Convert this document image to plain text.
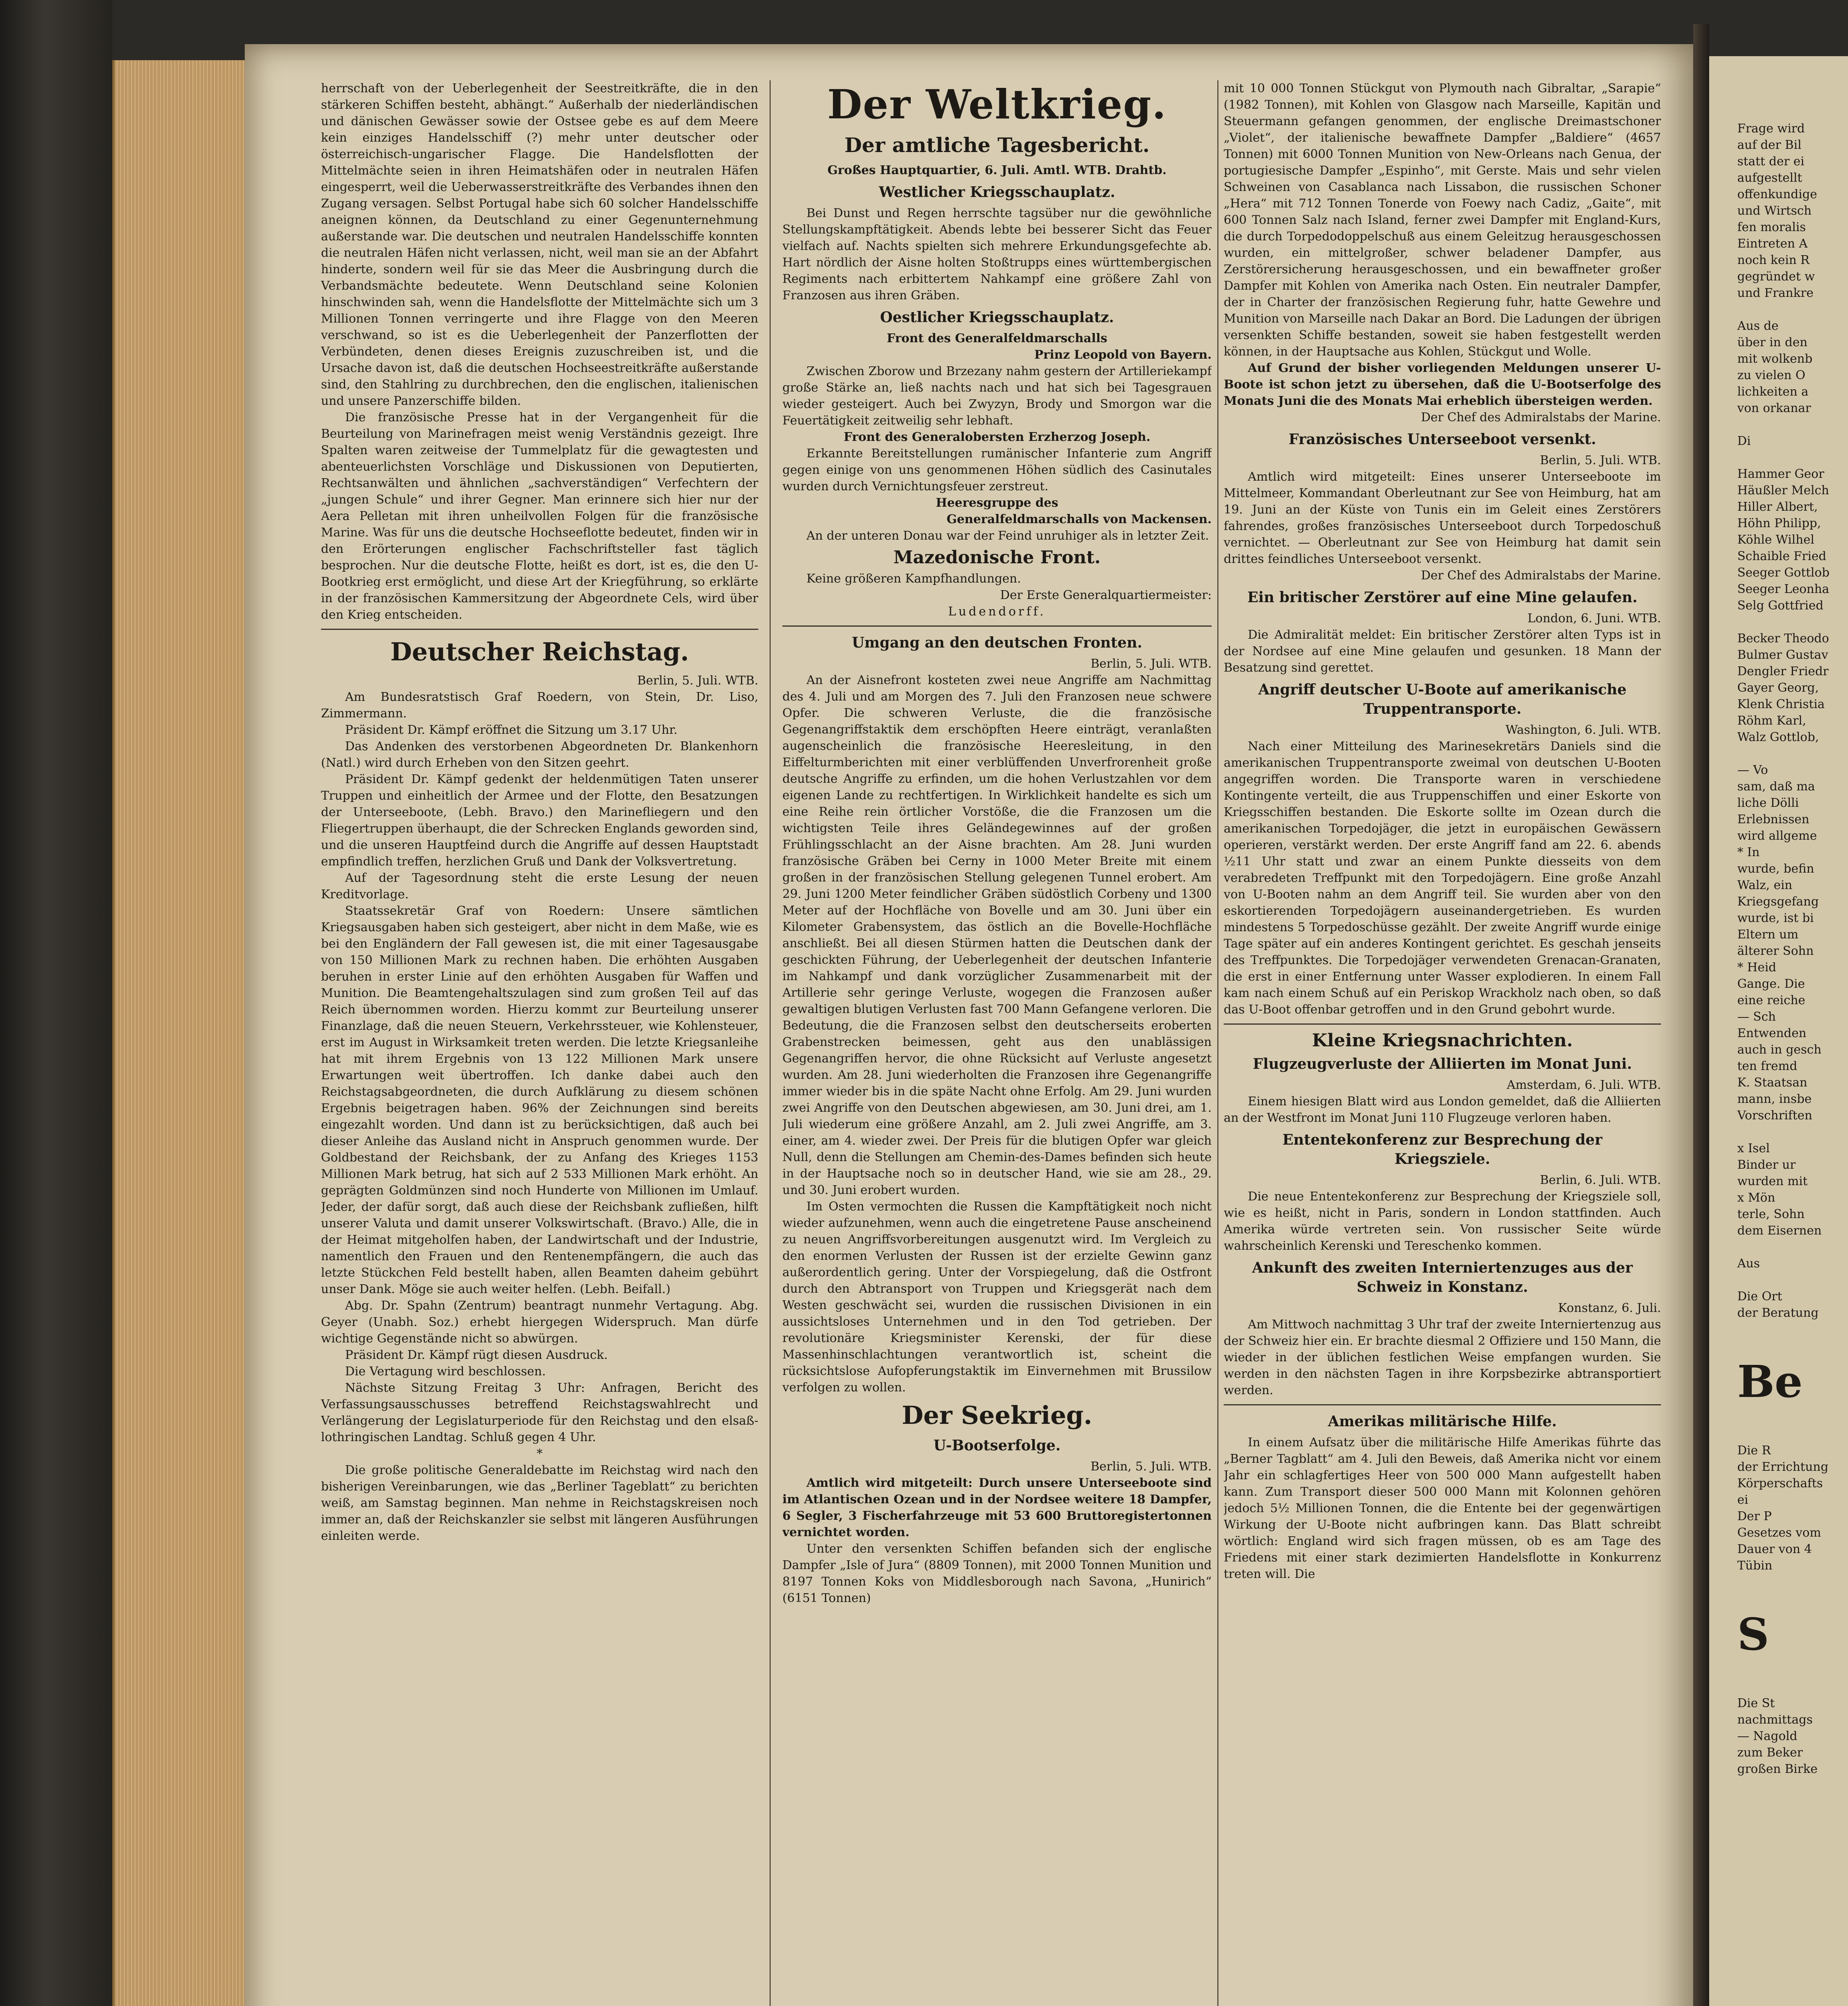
Frage wird
auf der Bil
statt der ei
aufgestellt
offenkundige
und Wirtsch
fen moralis
Eintreten A
noch kein R
gegründet w
und Frankre
Aus de
über in den
mit wolkenb
zu vielen O
lichkeiten a
von orkanar
Di
Hammer Geor
Häußler Melch
Hiller Albert,
Höhn Philipp,
Köhle Wilhel
Schaible Fried
Seeger Gottlob
Seeger Leonha
Selg Gottfried
Becker Theodo
Bulmer Gustav
Dengler Friedr
Gayer Georg,
Klenk Christia
Röhm Karl,
Walz Gottlob,
— Vo
sam, daß ma
liche Dölli
Erlebnissen
wird allgeme
* In
wurde, befin
Walz, ein
Kriegsgefang
wurde, ist bi
Eltern um
älterer Sohn
* Heid
Gange. Die
eine reiche
— Sch
Entwenden
auch in gesch
ten fremd
K. Staatsan
mann, insbe
Vorschriften
x Isel
Binder ur
wurden mit
x Mön
terle, Sohn
dem Eisernen
Aus
Die Ort
der Beratung
Be
Die R
der Errichtung
Körperschafts
ei
Der P
Gesetzes vom
Dauer von 4
Tübin
S
Die St
nachmittags
— Nagold
zum Beker
großen Birke

herrschaft von der Ueberlegenheit der Seestreitkräfte, die in den stärkeren Schiffen besteht, abhängt.“ Außerhalb der niederländischen und dänischen Gewässer sowie der Ostsee gebe es auf dem Meere kein einziges Handelsschiff (?) mehr unter deutscher oder österreichisch-ungarischer Flagge. Die Handelsflotten der Mittelmächte seien in ihren Heimatshäfen oder in neutralen Häfen eingesperrt, weil die Ueberwasserstreitkräfte des Verbandes ihnen den Zugang versagen. Selbst Portugal habe sich 60 solcher Handelsschiffe aneignen können, da Deutschland zu einer Gegenunternehmung außerstande war. Die deutschen und neutralen Handelsschiffe konnten die neutralen Häfen nicht verlassen, nicht, weil man sie an der Abfahrt hinderte, sondern weil für sie das Meer die Ausbringung durch die Verbandsmächte bedeutete. Wenn Deutschland seine Kolonien hinschwinden sah, wenn die Handelsflotte der Mittelmächte sich um 3 Millionen Tonnen verringerte und ihre Flagge von den Meeren verschwand, so ist es die Ueberlegenheit der Panzerflotten der Verbündeten, denen dieses Ereignis zuzuschreiben ist, und die Ursache davon ist, daß die deutschen Hochseestreitkräfte außerstande sind, den Stahlring zu durchbrechen, den die englischen, italienischen und unsere Panzerschiffe bilden.

Die französische Presse hat in der Vergangenheit für die Beurteilung von Marinefragen meist wenig Verständnis gezeigt. Ihre Spalten waren zeitweise der Tummelplatz für die gewagtesten und abenteuerlichsten Vorschläge und Diskussionen von Deputierten, Rechtsanwälten und ähnlichen „sachverständigen“ Verfechtern der „jungen Schule“ und ihrer Gegner. Man erinnere sich hier nur der Aera Pelletan mit ihren unheilvollen Folgen für die französische Marine. Was für uns die deutsche Hochseeflotte bedeutet, finden wir in den Erörterungen englischer Fachschriftsteller fast täglich besprochen. Nur die deutsche Flotte, heißt es dort, ist es, die den U-Bootkrieg erst ermöglicht, und diese Art der Kriegführung, so erklärte in der französischen Kammersitzung der Abgeordnete Cels, wird über den Krieg entscheiden.

Deutscher Reichstag.

Berlin, 5. Juli. WTB.

Am Bundesratstisch Graf Roedern, von Stein, Dr. Liso, Zimmermann.

Präsident Dr. Kämpf eröffnet die Sitzung um 3.17 Uhr.

Das Andenken des verstorbenen Abgeordneten Dr. Blankenhorn (Natl.) wird durch Erheben von den Sitzen geehrt.

Präsident Dr. Kämpf gedenkt der heldenmütigen Taten unserer Truppen und einheitlich der Armee und der Flotte, den Besatzungen der Unterseeboote, (Lebh. Bravo.) den Marinefliegern und den Fliegertruppen überhaupt, die der Schrecken Englands geworden sind, und die unseren Hauptfeind durch die Angriffe auf dessen Hauptstadt empfindlich treffen, herzlichen Gruß und Dank der Volksvertretung.

Auf der Tagesordnung steht die erste Lesung der neuen Kreditvorlage.

Staatssekretär Graf von Roedern: Unsere sämtlichen Kriegsausgaben haben sich gesteigert, aber nicht in dem Maße, wie es bei den Engländern der Fall gewesen ist, die mit einer Tagesausgabe von 150 Millionen Mark zu rechnen haben. Die erhöhten Ausgaben beruhen in erster Linie auf den erhöhten Ausgaben für Waffen und Munition. Die Beamtengehaltszulagen sind zum großen Teil auf das Reich übernommen worden. Hierzu kommt zur Beurteilung unserer Finanzlage, daß die neuen Steuern, Verkehrssteuer, wie Kohlensteuer, erst im August in Wirksamkeit treten werden. Die letzte Kriegsanleihe hat mit ihrem Ergebnis von 13 122 Millionen Mark unsere Erwartungen weit übertroffen. Ich danke dabei auch den Reichstagsabgeordneten, die durch Aufklärung zu diesem schönen Ergebnis beigetragen haben. 96% der Zeichnungen sind bereits eingezahlt worden. Und dann ist zu berücksichtigen, daß auch bei dieser Anleihe das Ausland nicht in Anspruch genommen wurde. Der Goldbestand der Reichsbank, der zu Anfang des Krieges 1153 Millionen Mark betrug, hat sich auf 2 533 Millionen Mark erhöht. An geprägten Goldmünzen sind noch Hunderte von Millionen im Umlauf. Jeder, der dafür sorgt, daß auch diese der Reichsbank zufließen, hilft unserer Valuta und damit unserer Volkswirtschaft. (Bravo.) Alle, die in der Heimat mitgeholfen haben, der Landwirtschaft und der Industrie, namentlich den Frauen und den Rentenempfängern, die auch das letzte Stückchen Feld bestellt haben, allen Beamten daheim gebührt unser Dank. Möge sie auch weiter helfen. (Lebh. Beifall.)

Abg. Dr. Spahn (Zentrum) beantragt nunmehr Vertagung. Abg. Geyer (Unabh. Soz.) erhebt hiergegen Widerspruch. Man dürfe wichtige Gegenstände nicht so abwürgen.

Präsident Dr. Kämpf rügt diesen Ausdruck.

Die Vertagung wird beschlossen.

Nächste Sitzung Freitag 3 Uhr: Anfragen, Bericht des Verfassungsausschusses betreffend Reichstagswahlrecht und Verlängerung der Legislaturperiode für den Reichstag und den elsaß-lothringischen Landtag. Schluß gegen 4 Uhr.

*

Die große politische Generaldebatte im Reichstag wird nach den bisherigen Vereinbarungen, wie das „Berliner Tageblatt“ zu berichten weiß, am Samstag beginnen. Man nehme in Reichstagskreisen noch immer an, daß der Reichskanzler sie selbst mit längeren Ausführungen einleiten werde.

Der Weltkrieg.
Der amtliche Tagesbericht.

Großes Hauptquartier, 6. Juli. Amtl. WTB. Drahtb.

Westlicher Kriegsschauplatz.

Bei Dunst und Regen herrschte tagsüber nur die gewöhnliche Stellungskampftätigkeit. Abends lebte bei besserer Sicht das Feuer vielfach auf. Nachts spielten sich mehrere Erkundungsgefechte ab. Hart nördlich der Aisne holten Stoßtrupps eines württembergischen Regiments nach erbittertem Nahkampf eine größere Zahl von Franzosen aus ihren Gräben.

Oestlicher Kriegsschauplatz.

Front des Generalfeldmarschalls

Prinz Leopold von Bayern.

Zwischen Zborow und Brzezany nahm gestern der Artilleriekampf große Stärke an, ließ nachts nach und hat sich bei Tagesgrauen wieder gesteigert. Auch bei Zwyzyn, Brody und Smorgon war die Feuertätigkeit zeitweilig sehr lebhaft.

Front des Generalobersten Erzherzog Joseph.

Erkannte Bereitstellungen rumänischer Infanterie zum Angriff gegen einige von uns genommenen Höhen südlich des Casinutales wurden durch Vernichtungsfeuer zerstreut.

Heeresgruppe des

Generalfeldmarschalls von Mackensen.

An der unteren Donau war der Feind unruhiger als in letzter Zeit.

Mazedonische Front.

Keine größeren Kampfhandlungen.

Der Erste Generalquartiermeister:

Ludendorff.

Umgang an den deutschen Fronten.

Berlin, 5. Juli. WTB.

An der Aisnefront kosteten zwei neue Angriffe am Nachmittag des 4. Juli und am Morgen des 7. Juli den Franzosen neue schwere Opfer. Die schweren Verluste, die die französische Gegenangriffstaktik dem erschöpften Heere einträgt, veranlaßten augenscheinlich die französische Heeresleitung, in den Eiffelturmberichten mit einer verblüffenden Unverfrorenheit große deutsche Angriffe zu erfinden, um die hohen Verlustzahlen vor dem eigenen Lande zu rechtfertigen. In Wirklichkeit handelte es sich um eine Reihe rein örtlicher Vorstöße, die die Franzosen um die wichtigsten Teile ihres Geländegewinnes auf der großen Frühlingsschlacht an der Aisne brachten. Am 28. Juni wurden französische Gräben bei Cerny in 1000 Meter Breite mit einem großen in der französischen Stellung gelegenen Tunnel erobert. Am 29. Juni 1200 Meter feindlicher Gräben südöstlich Corbeny und 1300 Meter auf der Hochfläche von Bovelle und am 30. Juni über ein Kilometer Grabensystem, das östlich an die Bovelle-Hochfläche anschließt. Bei all diesen Stürmen hatten die Deutschen dank der geschickten Führung, der Ueberlegenheit der deutschen Infanterie im Nahkampf und dank vorzüglicher Zusammenarbeit mit der Artillerie sehr geringe Verluste, wogegen die Franzosen außer gewaltigen blutigen Verlusten fast 700 Mann Gefangene verloren. Die Bedeutung, die die Franzosen selbst den deutscherseits eroberten Grabenstrecken beimessen, geht aus den unablässigen Gegenangriffen hervor, die ohne Rücksicht auf Verluste angesetzt wurden. Am 28. Juni wiederholten die Franzosen ihre Gegenangriffe immer wieder bis in die späte Nacht ohne Erfolg. Am 29. Juni wurden zwei Angriffe von den Deutschen abgewiesen, am 30. Juni drei, am 1. Juli wiederum eine größere Anzahl, am 2. Juli zwei Angriffe, am 3. einer, am 4. wieder zwei. Der Preis für die blutigen Opfer war gleich Null, denn die Stellungen am Chemin-des-Dames befinden sich heute in der Hauptsache noch so in deutscher Hand, wie sie am 28., 29. und 30. Juni erobert wurden.

Im Osten vermochten die Russen die Kampftätigkeit noch nicht wieder aufzunehmen, wenn auch die eingetretene Pause anscheinend zu neuen Angriffsvorbereitungen ausgenutzt wird. Im Vergleich zu den enormen Verlusten der Russen ist der erzielte Gewinn ganz außerordentlich gering. Unter der Vorspiegelung, daß die Ostfront durch den Abtransport von Truppen und Kriegsgerät nach dem Westen geschwächt sei, wurden die russischen Divisionen in ein aussichtsloses Unternehmen und in den Tod getrieben. Der revolutionäre Kriegsminister Kerenski, der für diese Massenhinschlachtungen verantwortlich ist, scheint die rücksichtslose Aufopferungstaktik im Einvernehmen mit Brussilow verfolgen zu wollen.

Der Seekrieg.
U-Bootserfolge.

Berlin, 5. Juli. WTB.

Amtlich wird mitgeteilt: Durch unsere Unterseeboote sind im Atlantischen Ozean und in der Nordsee weitere 18 Dampfer, 6 Segler, 3 Fischerfahrzeuge mit 53 600 Bruttoregistertonnen vernichtet worden.

Unter den versenkten Schiffen befanden sich der englische Dampfer „Isle of Jura“ (8809 Tonnen), mit 2000 Tonnen Munition und 8197 Tonnen Koks von Middlesborough nach Savona, „Hunirich“ (6151 Tonnen)

mit 10 000 Tonnen Stückgut von Plymouth nach Gibraltar, „Sarapie“ (1982 Tonnen), mit Kohlen von Glasgow nach Marseille, Kapitän und Steuermann gefangen genommen, der englische Dreimastschoner „Violet“, der italienische bewaffnete Dampfer „Baldiere“ (4657 Tonnen) mit 6000 Tonnen Munition von New-Orleans nach Genua, der portugiesische Dampfer „Espinho“, mit Gerste. Mais und sehr vielen Schweinen von Casablanca nach Lissabon, die russischen Schoner „Hera“ mit 712 Tonnen Tonerde von Foewy nach Cadiz, „Gaite“, mit 600 Tonnen Salz nach Island, ferner zwei Dampfer mit England-Kurs, die durch Torpedodoppelschuß aus einem Geleitzug herausgeschossen wurden, ein mittelgroßer, schwer beladener Dampfer, aus Zerstörersicherung herausgeschossen, und ein bewaffneter großer Dampfer mit Kohlen von Amerika nach Osten. Ein neutraler Dampfer, der in Charter der französischen Regierung fuhr, hatte Gewehre und Munition von Marseille nach Dakar an Bord. Die Ladungen der übrigen versenkten Schiffe bestanden, soweit sie haben festgestellt werden können, in der Hauptsache aus Kohlen, Stückgut und Wolle.

Auf Grund der bisher vorliegenden Meldungen unserer U-Boote ist schon jetzt zu übersehen, daß die U-Bootserfolge des Monats Juni die des Monats Mai erheblich übersteigen werden.

Der Chef des Admiralstabs der Marine.

Französisches Unterseeboot versenkt.

Berlin, 5. Juli. WTB.

Amtlich wird mitgeteilt: Eines unserer Unterseeboote im Mittelmeer, Kommandant Oberleutnant zur See von Heimburg, hat am 19. Juni an der Küste von Tunis ein im Geleit eines Zerstörers fahrendes, großes französisches Unterseeboot durch Torpedoschuß vernichtet. — Oberleutnant zur See von Heimburg hat damit sein drittes feindliches Unterseeboot versenkt.

Der Chef des Admiralstabs der Marine.

Ein britischer Zerstörer auf eine Mine gelaufen.

London, 6. Juni. WTB.

Die Admiralität meldet: Ein britischer Zerstörer alten Typs ist in der Nordsee auf eine Mine gelaufen und gesunken. 18 Mann der Besatzung sind gerettet.

Angriff deutscher U-Boote auf amerikanische
Truppentransporte.

Washington, 6. Juli. WTB.

Nach einer Mitteilung des Marinesekretärs Daniels sind die amerikanischen Truppentransporte zweimal von deutschen U-Booten angegriffen worden. Die Transporte waren in verschiedene Kontingente verteilt, die aus Truppenschiffen und einer Eskorte von Kriegsschiffen bestanden. Die Eskorte sollte im Ozean durch die amerikanischen Torpedojäger, die jetzt in europäischen Gewässern operieren, verstärkt werden. Der erste Angriff fand am 22. 6. abends ½11 Uhr statt und zwar an einem Punkte diesseits von dem verabredeten Treffpunkt mit den Torpedojägern. Eine große Anzahl von U-Booten nahm an dem Angriff teil. Sie wurden aber von den eskortierenden Torpedojägern auseinandergetrieben. Es wurden mindestens 5 Torpedoschüsse gezählt. Der zweite Angriff wurde einige Tage später auf ein anderes Kontingent gerichtet. Es geschah jenseits des Treffpunktes. Die Torpedojäger verwendeten Grenacan-Granaten, die erst in einer Entfernung unter Wasser explodieren. In einem Fall kam nach einem Schuß auf ein Periskop Wrackholz nach oben, so daß das U-Boot offenbar getroffen und in den Grund gebohrt wurde.

Kleine Kriegsnachrichten.
Flugzeugverluste der Alliierten im Monat Juni.

Amsterdam, 6. Juli. WTB.

Einem hiesigen Blatt wird aus London gemeldet, daß die Alliierten an der Westfront im Monat Juni 110 Flugzeuge verloren haben.

Ententekonferenz zur Besprechung der
Kriegsziele.

Berlin, 6. Juli. WTB.

Die neue Ententekonferenz zur Besprechung der Kriegsziele soll, wie es heißt, nicht in Paris, sondern in London stattfinden. Auch Amerika würde vertreten sein. Von russischer Seite würde wahrscheinlich Kerenski und Tereschenko kommen.

Ankunft des zweiten Interniertenzuges aus der
Schweiz in Konstanz.

Konstanz, 6. Juli.

Am Mittwoch nachmittag 3 Uhr traf der zweite Interniertenzug aus der Schweiz hier ein. Er brachte diesmal 2 Offiziere und 150 Mann, die wieder in der üblichen festlichen Weise empfangen wurden. Sie werden in den nächsten Tagen in ihre Korpsbezirke abtransportiert werden.

Amerikas militärische Hilfe.

In einem Aufsatz über die militärische Hilfe Amerikas führte das „Berner Tagblatt“ am 4. Juli den Beweis, daß Amerika nicht vor einem Jahr ein schlagfertiges Heer von 500 000 Mann aufgestellt haben kann. Zum Transport dieser 500 000 Mann mit Kolonnen gehören jedoch 5½ Millionen Tonnen, die die Entente bei der gegenwärtigen Wirkung der U-Boote nicht aufbringen kann. Das Blatt schreibt wörtlich: England wird sich fragen müssen, ob es am Tage des Friedens mit einer stark dezimierten Handelsflotte in Konkurrenz treten will. Die
